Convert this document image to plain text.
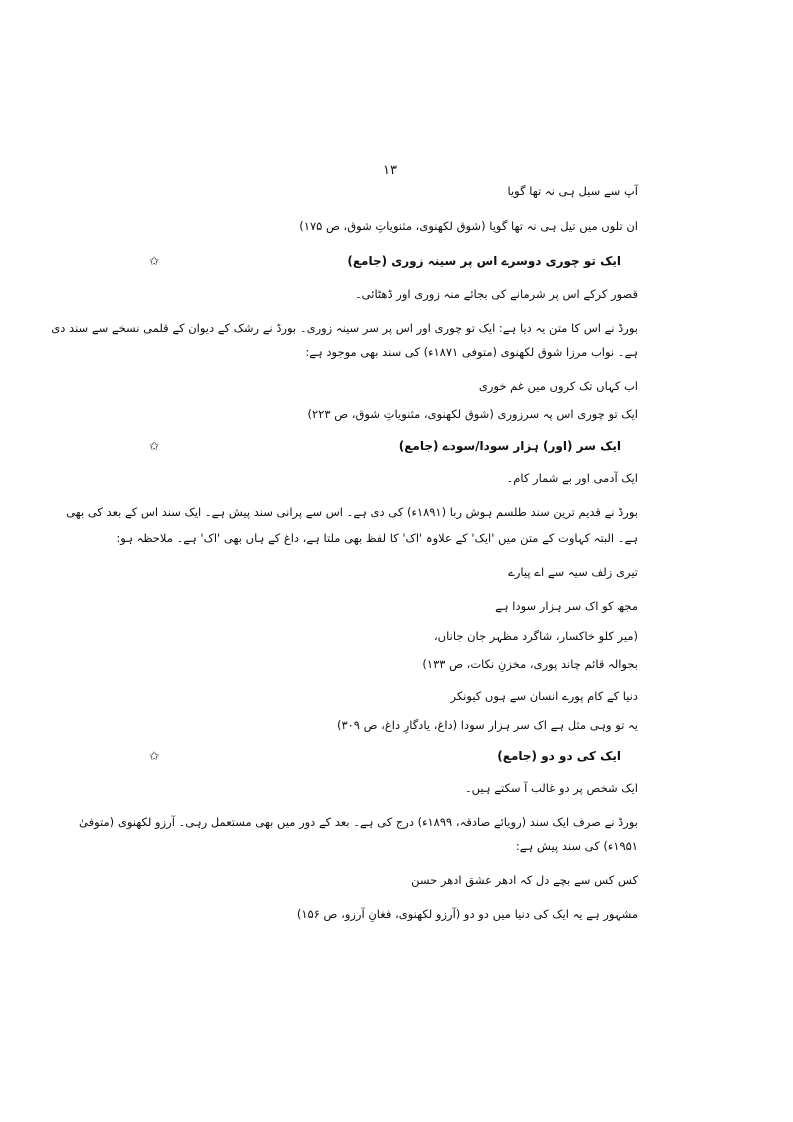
۱۳
آپ سے سیل ہی نہ تھا گویا
ان تلوں میں تیل ہی نہ تھا گویا (شوق لکھنوی، مثنویاتِ شوق، ص ۱۷۵)
✩	ایک تو چوری دوسرے اس پر سینہ زوری (جامع)
قصور کرکے اس پر شرمانے کی بجائے منہ زوری اور ڈھٹائی۔
بورڈ نے اس کا متن یہ دیا ہے: ایک تو چوری اور اس پر سر سینہ زوری۔ بورڈ نے رشک کے دیوان کے قلمی نسخے سے سند دی
ہے۔ نواب مرزا شوق لکھنوی (متوفی ۱۸۷۱ء) کی سند بھی موجود ہے:
اب کہاں تک کروں میں غم خوری
ایک تو چوری اس پہ سرزوری (شوق لکھنوی، مثنویاتِ شوق، ص ۲۲۳)
✩	ایک سر (اور) ہزار سودا/سودے (جامع)
ایک آدمی اور بے شمار کام۔
بورڈ نے قدیم ترین سند طلسم ہوش ربا (۱۸۹۱ء) کی دی ہے۔ اس سے پرانی سند پیش ہے۔ ایک سند اس کے بعد کی بھی
ہے۔ البتہ کہاوت کے متن میں 'ایک' کے علاوہ 'اک' کا لفظ بھی ملتا ہے، داغ کے ہاں بھی 'اک' ہے۔ ملاحظہ ہو:
تیری زلف سیہ سے اے پیارے
مجھ کو اک سر ہزار سودا ہے
(میر کلو خاکسار، شاگرد مظہر جان جاناں،
بحوالہ قائم چاند پوری، مخزنِ نکات، ص ۱۳۳)
دنیا کے کام پورے انسان سے ہوں کیونکر
یہ تو وہی مثل ہے اک سر ہزار سودا (داغ، یادگارِ داغ، ص ۳۰۹)
✩	ایک کی دو دو (جامع)
ایک شخص پر دو غالب آ سکتے ہیں۔
بورڈ نے صرف ایک سند (رویائے صادقہ، ۱۸۹۹ء) درج کی ہے۔ بعد کے دور میں بھی مستعمل رہی۔ آرزو لکھنوی (متوفیٰ
۱۹۵۱ء) کی سند پیش ہے:
کس کس سے بچے دل کہ ادھر عشق ادھر حسن
مشہور ہے یہ ایک کی دنیا میں دو دو (آرزو لکھنوی، فغانِ آرزو، ص ۱۵۶)
